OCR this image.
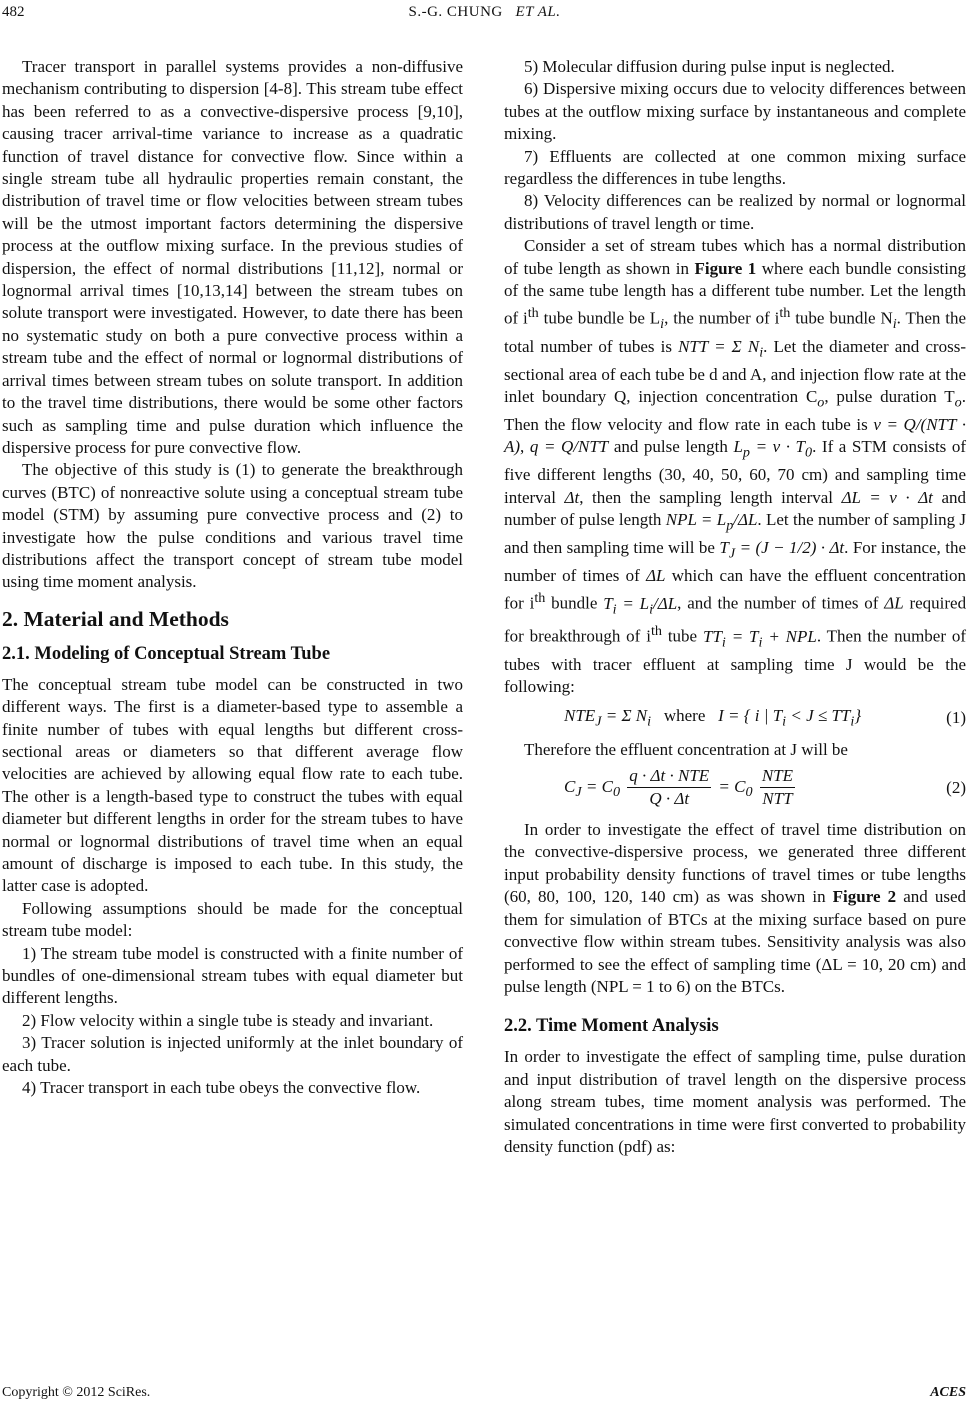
482	S.-G. CHUNG ET AL.

Tracer transport in parallel systems provides a non-diffusive mechanism contributing to dispersion [4-8]. This stream tube effect has been referred to as a convective-dispersive process [9,10], causing tracer arrival-time variance to increase as a quadratic function of travel distance for convective flow. Since within a single stream tube all hydraulic properties remain constant, the distribution of travel time or flow velocities between stream tubes will be the utmost important factors determining the dispersive process at the outflow mixing surface. In the previous studies of dispersion, the effect of normal distributions [11,12], normal or lognormal arrival times [10,13,14] between the stream tubes on solute transport were investigated. However, to date there has been no systematic study on both a pure convective process within a stream tube and the effect of normal or lognormal distributions of arrival times between stream tubes on solute transport. In addition to the travel time distributions, there would be some other factors such as sampling time and pulse duration which influence the dispersive process for pure convective flow.

The objective of this study is (1) to generate the breakthrough curves (BTC) of nonreactive solute using a conceptual stream tube model (STM) by assuming pure convective process and (2) to investigate how the pulse conditions and various travel time distributions affect the transport concept of stream tube model using time moment analysis.

2. Material and Methods
2.1. Modeling of Conceptual Stream Tube

The conceptual stream tube model can be constructed in two different ways. The first is a diameter-based type to assemble a finite number of tubes with equal lengths but different cross-sectional areas or diameters so that different average flow velocities are achieved by allowing equal flow rate to each tube. The other is a length-based type to construct the tubes with equal diameter but different lengths in order for the stream tubes to have normal or lognormal distributions of travel time when an equal amount of discharge is imposed to each tube. In this study, the latter case is adopted.

Following assumptions should be made for the conceptual stream tube model:

1) The stream tube model is constructed with a finite number of bundles of one-dimensional stream tubes with equal diameter but different lengths.

2) Flow velocity within a single tube is steady and invariant.

3) Tracer solution is injected uniformly at the inlet boundary of each tube.

4) Tracer transport in each tube obeys the convective flow.

5) Molecular diffusion during pulse input is neglected.

6) Dispersive mixing occurs due to velocity differences between tubes at the outflow mixing surface by instantaneous and complete mixing.

7) Effluents are collected at one common mixing surface regardless the differences in tube lengths.

8) Velocity differences can be realized by normal or lognormal distributions of travel length or time.

Consider a set of stream tubes which has a normal distribution of tube length as shown in Figure 1 where each bundle consisting of the same tube length has a different tube number. Let the length of $i^{th}$ tube bundle be $L_i$, the number of $i^{th}$ tube bundle $N_i$. Then the total number of tubes is NTT = Σ $N_i$. Let the diameter and cross-sectional area of each tube be d and A, and injection flow rate at the inlet boundary Q, injection concentration $C_o$, pulse duration $T_o$. Then the flow velocity and flow rate in each tube is v = Q/(NTT · A), q = Q/NTT and pulse length $L_p = v \cdot T_0$. If a STM consists of five different lengths (30, 40, 50, 60, 70 cm) and sampling time interval Δt, then the sampling length interval ΔL = v · Δt and number of pulse length NPL = $L_p/\Delta L$. Let the number of sampling J and then sampling time will be $T_J = (J - 1/2) \cdot \Delta t$. For instance, the number of times of ΔL which can have the effluent concentration for $i^{th}$ bundle $T_i = L_i/\Delta L$, and the number of times of ΔL required for breakthrough of $i^{th}$ tube $TT_i = T_i$ + NPL. Then the number of tubes with tracer effluent at sampling time J would be the following:

$NTE_J = \Sigma$ $N_i$ where I = { i | $T_i < J \le TT_i$}	(1)

Therefore the effluent concentration at J will be

$C_J = C_0 \frac{\text{q · Δt · NTE}}{Q \cdot \Delta t} = C_0 \frac{\text{NTE}}{\text{NTT}}$	(2)

In order to investigate the effect of travel time distribution on the convective-dispersive process, we generated three different input probability density functions of travel times or tube lengths (60, 80, 100, 120, 140 cm) as was shown in Figure 2 and used them for simulation of BTCs at the mixing surface based on pure convective flow within stream tubes. Sensitivity analysis was also performed to see the effect of sampling time (ΔL = 10, 20 cm) and pulse length (NPL = 1 to 6) on the BTCs.

2.2. Time Moment Analysis

In order to investigate the effect of sampling time, pulse duration and input distribution of travel length on the dispersive process along stream tubes, time moment analysis was performed. The simulated concentrations in time were first converted to probability density function (pdf) as:

Copyright © 2012 SciRes.	ACES
